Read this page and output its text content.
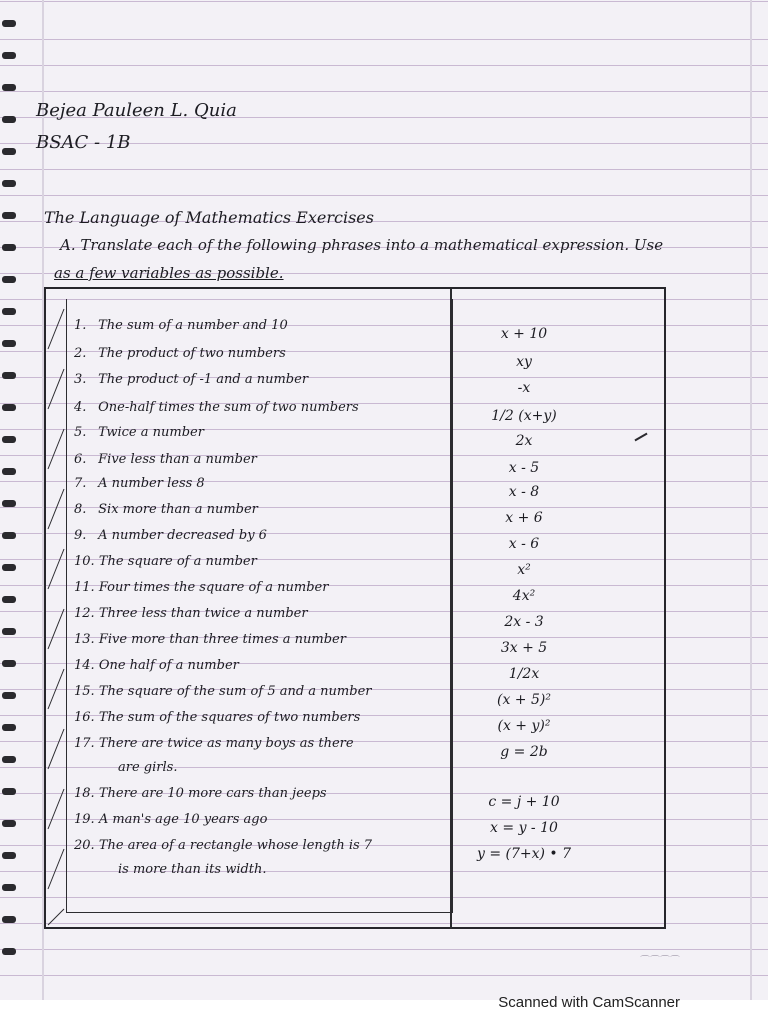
Bejea Pauleen L. Quia
BSAC - 1B
The Language of Mathematics Exercises
A. Translate each of the following phrases into a mathematical expression. Use
as a few variables as possible.
1. The sum of a number and 10
x + 10
2. The product of two numbers
xy
3. The product of -1 and a number
-x
4. One-half times the sum of two numbers
1/2 (x+y)
5. Twice a number
2x
6. Five less than a number
x - 5
7. A number less 8
x - 8
8. Six more than a number
x + 6
9. A number decreased by 6
x - 6
10. The square of a number
x²
11. Four times the square of a number
4x²
12. Three less than twice a number
2x - 3
13. Five more than three times a number
3x + 5
14. One half of a number
1/2x
15. The square of the sum of 5 and a number
(x + 5)²
16. The sum of the squares of two numbers
(x + y)²
17. There are twice as many boys as there
are girls.
g = 2b
18. There are 10 more cars than jeeps
c = j + 10
19. A man's age 10 years ago
x = y - 10
20. The area of a rectangle whose length is 7
is more than its width.
y = (7+x) • 7
⌒⌒⌒⌒
Scanned with CamScanner
